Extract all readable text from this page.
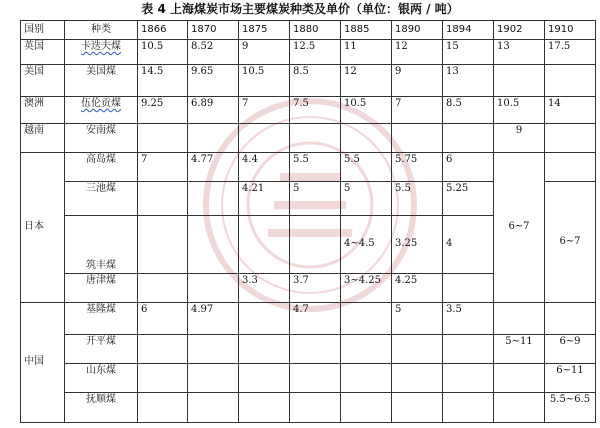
表 4 上海煤炭市场主要煤炭种类及单价（单位：银两 / 吨）
国别	种类	1866	1870	1875	1880	1885	1890	1894	1902	1910
英国	卡迭夫煤	10.5	8.52	9	12.5	11	12	15	13	17.5
美国	美国煤	14.5	9.65	10.5	8.5	12	9	13		
澳洲	伍伦贡煤	9.25	6.89	7	7.5	10.5	7	8.5	10.5	14
越南	安南煤								9	
日本	高岛煤	7	4.77	4.4	5.5	5.5	5.75	6	6~7	
	三池煤			4.21	5	5	5.5	5.25		6~7
	筑丰煤					4~4.5	3.25	4		
	唐津煤			3.3	3.7	3~4.25	4.25			
中国	基隆煤	6	4.97		4.7		5	3.5		
	开平煤								5~11	6~9
	山东煤									6~11
	抚顺煤									5.5~6.5
